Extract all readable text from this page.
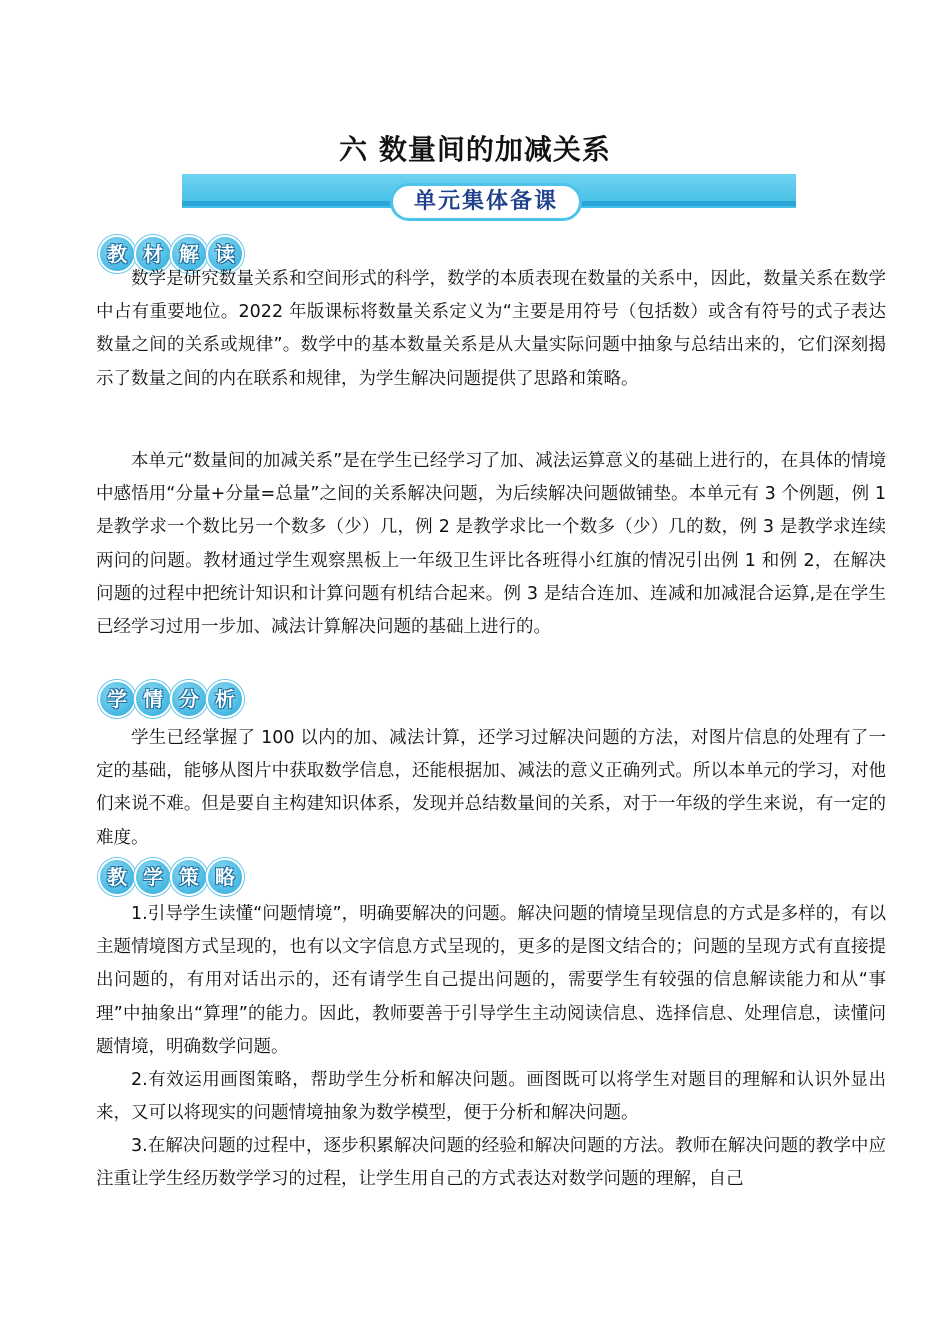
六 数量间的加减关系
单元集体备课
教 材 解 读

数学是研究数量关系和空间形式的科学，数学的本质表现在数量的关系中，因此，数量关系在数学中占有重要地位。2022 年版课标将数量关系定义为“主要是用符号（包括数）或含有符号的式子表达数量之间的关系或规律”。数学中的基本数量关系是从大量实际问题中抽象与总结出来的，它们深刻揭示了数量之间的内在联系和规律，为学生解决问题提供了思路和策略。

本单元“数量间的加减关系”是在学生已经学习了加、减法运算意义的基础上进行的，在具体的情境中感悟用“分量+分量=总量”之间的关系解决问题，为后续解决问题做铺垫。本单元有 3 个例题，例 1 是教学求一个数比另一个数多（少）几，例 2 是教学求比一个数多（少）几的数，例 3 是教学求连续两问的问题。教材通过学生观察黑板上一年级卫生评比各班得小红旗的情况引出例 1 和例 2，在解决问题的过程中把统计知识和计算问题有机结合起来。例 3 是结合连加、连减和加减混合运算,是在学生已经学习过用一步加、减法计算解决问题的基础上进行的。

学 情 分 析

学生已经掌握了 100 以内的加、减法计算，还学习过解决问题的方法，对图片信息的处理有了一定的基础，能够从图片中获取数学信息，还能根据加、减法的意义正确列式。所以本单元的学习，对他们来说不难。但是要自主构建知识体系，发现并总结数量间的关系，对于一年级的学生来说，有一定的难度。

教 学 策 略

1.引导学生读懂“问题情境”，明确要解决的问题。解决问题的情境呈现信息的方式是多样的，有以主题情境图方式呈现的，也有以文字信息方式呈现的，更多的是图文结合的；问题的呈现方式有直接提出问题的，有用对话出示的，还有请学生自己提出问题的，需要学生有较强的信息解读能力和从“事理”中抽象出“算理”的能力。因此，教师要善于引导学生主动阅读信息、选择信息、处理信息，读懂问题情境，明确数学问题。

2.有效运用画图策略，帮助学生分析和解决问题。画图既可以将学生对题目的理解和认识外显出来，又可以将现实的问题情境抽象为数学模型，便于分析和解决问题。

3.在解决问题的过程中，逐步积累解决问题的经验和解决问题的方法。教师在解决问题的教学中应注重让学生经历数学学习的过程，让学生用自己的方式表达对数学问题的理解，自己
